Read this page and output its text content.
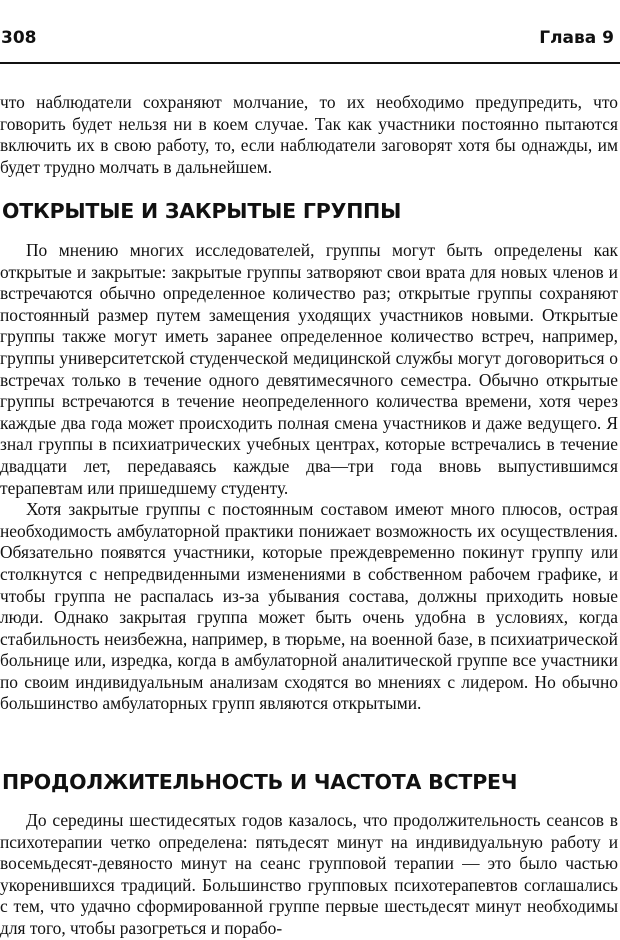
308	Глава 9

что наблюдатели сохраняют молчание, то их необходимо предупредить, что говорить будет нельзя ни в коем случае. Так как участники постоянно пытаются включить их в свою работу, то, если наблюдатели заговорят хотя бы однажды, им будет трудно молчать в дальнейшем.

ОТКРЫТЫЕ И ЗАКРЫТЫЕ ГРУППЫ

По мнению многих исследователей, группы могут быть определены как открытые и закрытые: закрытые группы затворяют свои врата для новых членов и встречаются обычно определенное количество раз; открытые группы сохраняют постоянный размер путем замещения уходящих участников новыми. Открытые группы также могут иметь заранее определенное количество встреч, например, группы университетской студенческой медицинской службы могут договориться о встречах только в течение одного девятимесячного семестра. Обычно открытые группы встречаются в течение неопределенного количества времени, хотя через каждые два года может происходить полная смена участников и даже ведущего. Я знал группы в психиатрических учебных центрах, которые встречались в течение двадцати лет, передаваясь каждые два—три года вновь выпустившимся терапевтам или пришедшему студенту.

Хотя закрытые группы с постоянным составом имеют много плюсов, острая необходимость амбулаторной практики понижает возможность их осуществления. Обязательно появятся участники, которые преждевременно покинут группу или столкнутся с непредвиденными изменениями в собственном рабочем графике, и чтобы группа не распалась из-за убывания состава, должны приходить новые люди. Однако закрытая группа может быть очень удобна в условиях, когда стабильность неизбежна, например, в тюрьме, на военной базе, в психиатрической больнице или, изредка, когда в амбулаторной аналитической группе все участники по своим индивидуальным анализам сходятся во мнениях с лидером. Но обычно большинство амбулаторных групп являются открытыми.

ПРОДОЛЖИТЕЛЬНОСТЬ И ЧАСТОТА ВСТРЕЧ

До середины шестидесятых годов казалось, что продолжительность сеансов в психотерапии четко определена: пятьдесят минут на индивидуальную работу и восемьдесят-девяносто минут на сеанс групповой терапии — это было частью укоренившихся традиций. Большинство групповых психотерапевтов соглашались с тем, что удачно сформированной группе первые шестьдесят минут необходимы для того, чтобы разогреться и порабо-
